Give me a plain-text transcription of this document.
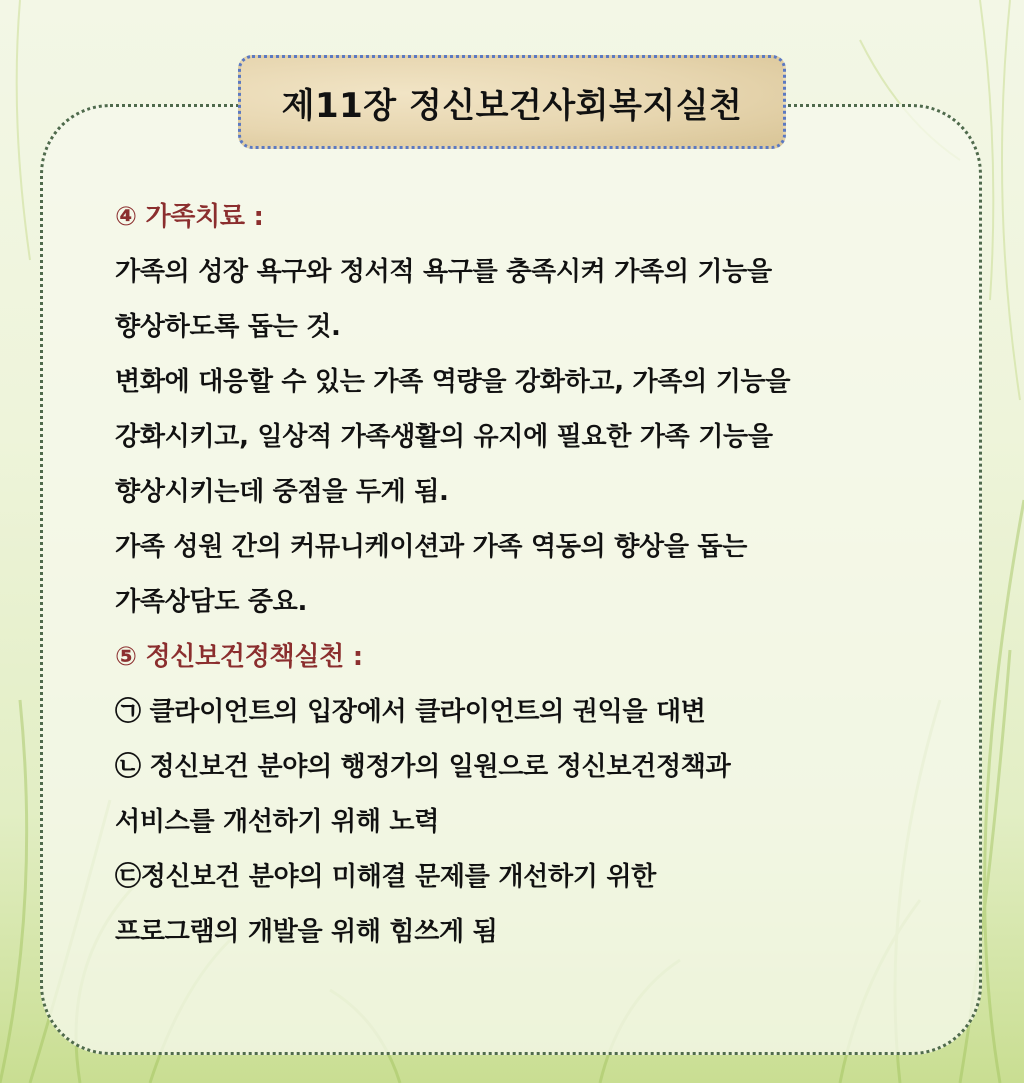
제11장 정신보건사회복지실천
④ 가족치료 :
가족의 성장 욕구와 정서적 욕구를 충족시켜 가족의 기능을
향상하도록 돕는 것.
변화에 대응할 수 있는 가족 역량을 강화하고, 가족의 기능을
강화시키고, 일상적 가족생활의 유지에 필요한 가족 기능을
향상시키는데 중점을 두게 됨.
가족 성원 간의 커뮤니케이션과 가족 역동의 향상을 돕는
가족상담도 중요.
⑤ 정신보건정책실천 :
㉠ 클라이언트의 입장에서 클라이언트의 권익을 대변
㉡ 정신보건 분야의 행정가의 일원으로 정신보건정책과
서비스를 개선하기 위해 노력
㉢정신보건 분야의 미해결 문제를 개선하기 위한
프로그램의 개발을 위해 힘쓰게 됨
